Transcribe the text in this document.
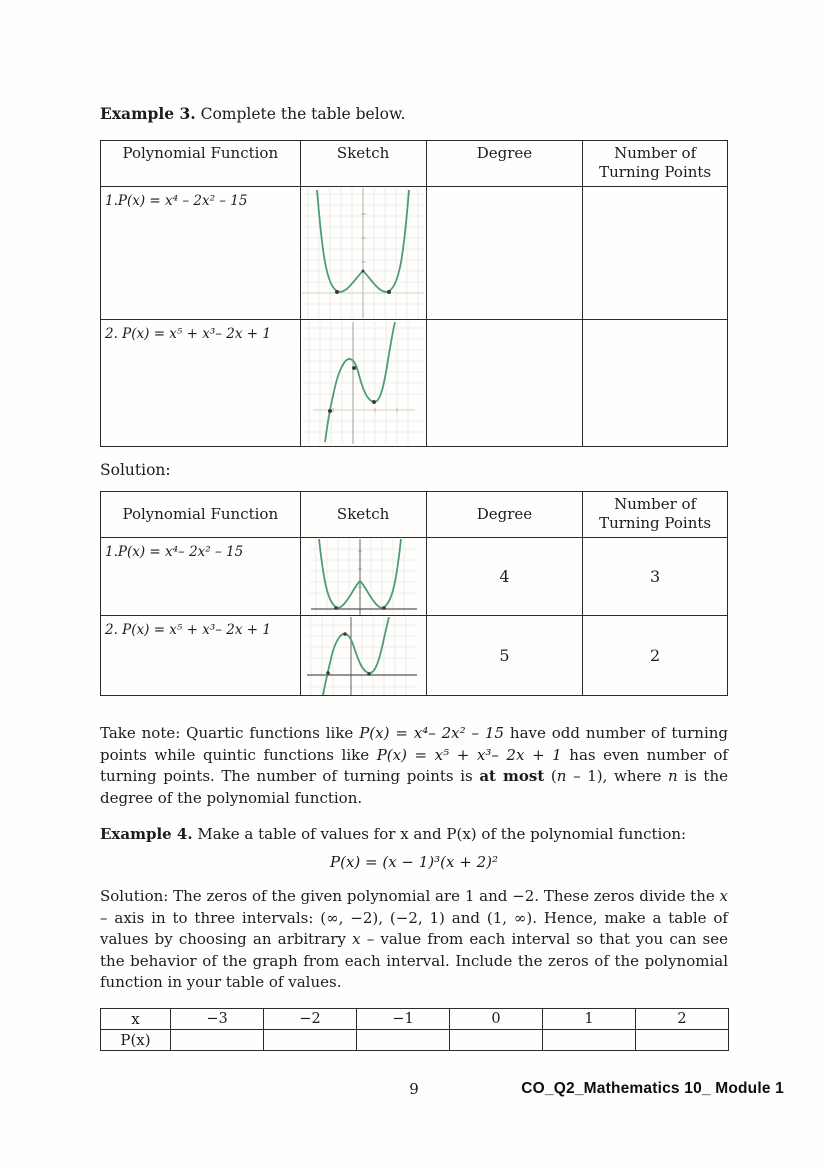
Example 3. Complete the table below.

Polynomial Function	Sketch	Degree	Number of
Turning Points
1.P(x) = x⁴ – 2x² – 15	

2. P(x) = x⁵ + x³– 2x + 1	

Solution:

Polynomial Function	Sketch	Degree	Number of
Turning Points
1.P(x) = x⁴– 2x² – 15		4	3
2. P(x) = x⁵ + x³– 2x + 1		5	2

Take note: Quartic functions like P(x) = x⁴– 2x² – 15 have odd number of turning points while quintic functions like P(x) = x⁵ + x³– 2x + 1 has even number of turning points. The number of turning points is at most (n – 1), where n is the degree of the polynomial function.

Example 4. Make a table of values for x and P(x) of the polynomial function:

P(x) = (x − 1)³(x + 2)²

Solution: The zeros of the given polynomial are 1 and −2. These zeros divide the x – axis in to three intervals: (∞, −2), (−2, 1) and (1, ∞). Hence, make a table of values by choosing an arbitrary x – value from each interval so that you can see the behavior of the graph from each interval. Include the zeros of the polynomial function in your table of values.

x	−3	−2	−1	0	1	2
P(x)						
9	CO_Q2_Mathematics 10_ Module 1
